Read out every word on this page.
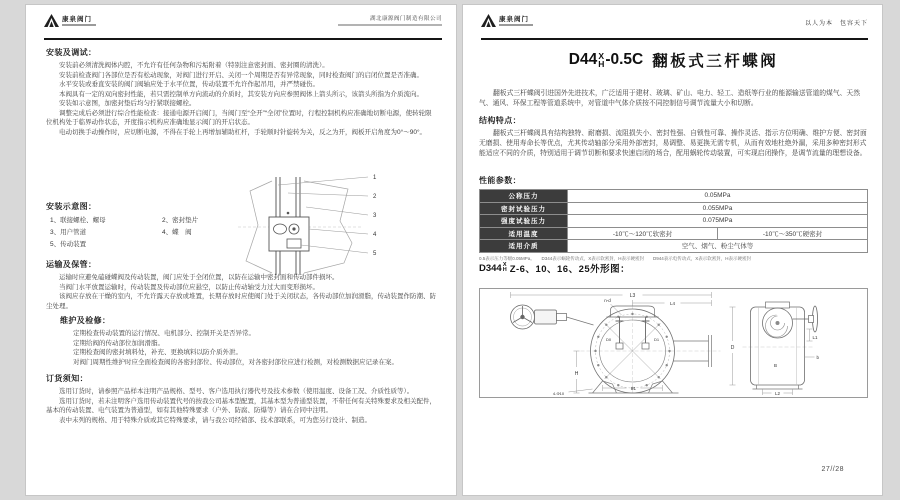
康泉阀门	湖北康源阀门制造有限公司
安装及调试：

安装前必须清洗阀体内腔，不允许有任何杂物和污垢附着（特别注意密封面、密封圈的清洗）。

安装前检查阀门各部位是否有松动现象，对阀门进行开启、关闭一个周期是否有异常现象，同时检查阀门的启闭位置是否准确。

水平安装或垂直安装的阀门阀轴应处于水平位置，传动装置不允许作起吊用，并严禁碰伤。

本阀具有一定的双向密封性能，若只需控制单方向流动的介质时，其安装方向应参照阀体上箭头所示，该箭头所指为介质流向。

安装如示意图，加密封垫后均匀拧紧联接螺栓。

调整完成后必须进行综合性能检查：接通电源开启阀门，当阀门至“全开”“全闭”位置时，行程控制机构应准确地切断电源，使转轮限位机构处于临界动作状态，开度指示机构应准确地显示阀门的开启状态。

电动切换手动操作时，应切断电源，不得在手轮上再增加辅助杠杆，手轮顺时针旋转为关，反之为开，阀板开启角度为0°～90°。

安装示意图：
1、联接螺栓、螺母	2、密封垫片
3、用户管道	4、蝶　阀
5、传动装置
1
2
3
4
5
运输及保管：

运输时应避免磕碰蝶阀及传动装置，阀门应处于全闭位置，以防在运输中密封面和传动部件损坏。

当阀门水平放置运输时，传动装置及传动部位应悬空，以防止传动轴受力过大而变形损坏。

该阀应存放在干燥的室内，不允许露天存放或堆置，长期存放时应使阀门处于关闭状态，各传动部位加润滑脂，传动装置作防潮、防尘处理。

维护及检修：

定期检查传动装置的运行情况、电机部分、控制开关是否异常。

定期给阀的传动部位加润滑脂。

定期检查阀的密封填料处，补充、更换填料以防介质外泄。

对阀门周期性维护时应全面检查阀的各密封部位、传动部位，对各密封部位应进行检测，对检测数据应记录在案。

订货须知：

选用订货时，请参照产品样本注明产品规格、型号、客户选用执行器代号及技术参数（使用温度、设备工况、介质性质等）。

选用订货时，若未注明客户选用传动装置代号的按我公司基本型配置，其基本型为普通型装置，不带任何有关特殊要求及相关配件，基本的传动装置、电气装置为普通型，如有其他特殊要求（户外、防腐、防爆等）请在合同中注明。

表中未列的规格、用于特殊介质或其它特殊要求，请与我公司经销部、技术部联系，可为您另行设计、制造。

康泉阀门
以人为本　包容天下
D44 X
H -0.5C 翻板式三杆蝶阀

翻板式三杆蝶阀引进国外先进技术，广泛适用于建材、玻璃、矿山、电力、轻工、造纸等行业的能源输送管道的煤气、天然气、通风、环保工程等管道系统中，对管道中气体介质按不同控制信号调节流量大小和切断。

结构特点：

翻板式三杆蝶阀具有结构独特、耐磨损、流阻损失小、密封性强、自锁性可靠、操作灵活、指示方位明确、维护方便、密封面无磨损、使用寿命长等优点，尤其传动轴部分采用外部密封，易调整、易更换无需专机，从而有效地杜绝外漏，采用多种密封形式能适应不同的介质，特别适用于调节切断和要求快速启闭的场合，配用蜗轮传动装置，可实现启闭操作，是调节流量的理想设备。

性能参数：
公称压力	0.05MPa	
密封试验压力	0.055MPa	
强度试验压力	0.075MPa	
适用温度	-10℃～120℃软密封	-10℃～350℃硬密封
适用介质	空气、烟气、粉尘气体等	
0.5表示压力等级0.05MPa。　　D344表示蜗轮传动式，X表示软密封，H表示硬密封　　D944表示电传动式，X表示软密封，H表示硬密封
D344 X
H Z-6、10、16、25外形图：
L3
L4
n-d
D0	D1
H
L1
4-Φ10
D
L1
b
B
L2
27//28
